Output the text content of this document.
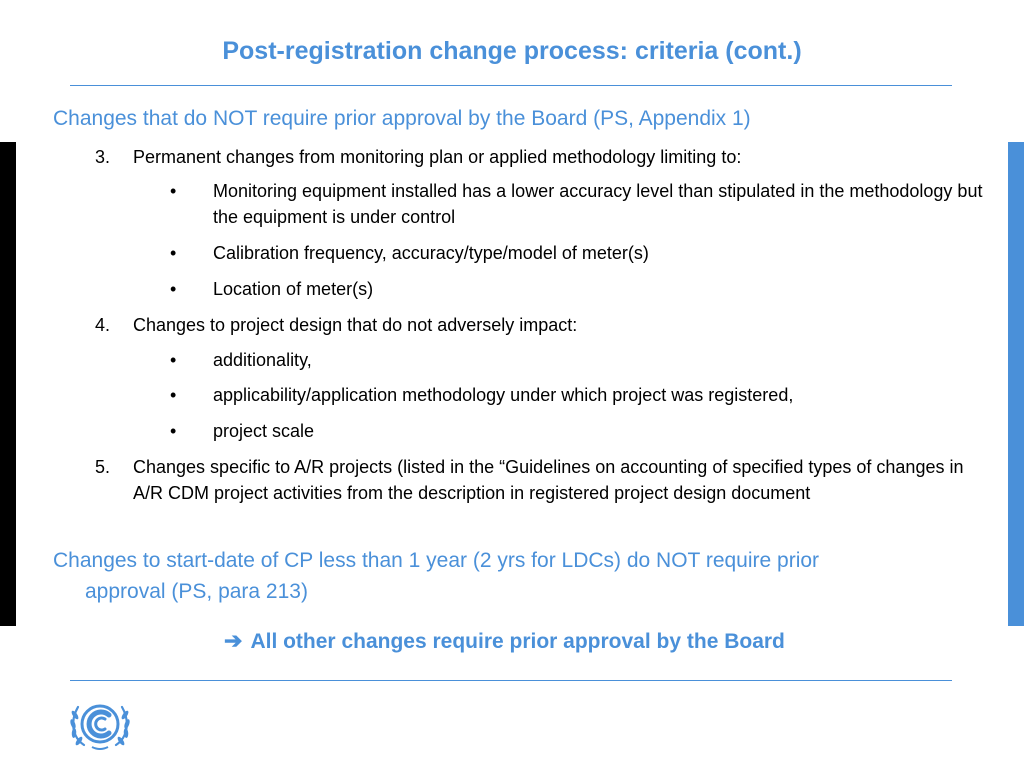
Post-registration change process: criteria (cont.)
Changes that do NOT require prior approval by the Board (PS, Appendix 1)
3. Permanent changes from monitoring plan or applied methodology limiting to:
• Monitoring equipment installed has a lower accuracy level than stipulated in the methodology but the equipment is under control
• Calibration frequency, accuracy/type/model of meter(s)
• Location of meter(s)
4. Changes to project design that do not adversely impact:
• additionality,
• applicability/application methodology under which project was registered,
• project scale
5. Changes specific to A/R projects (listed in the “Guidelines on accounting of specified types of changes in A/R CDM project activities from the description in registered project design document
Changes to start-date of CP less than 1 year (2 yrs for LDCs) do NOT require prior
approval (PS, para 213)
➔ All other changes require prior approval by the Board
